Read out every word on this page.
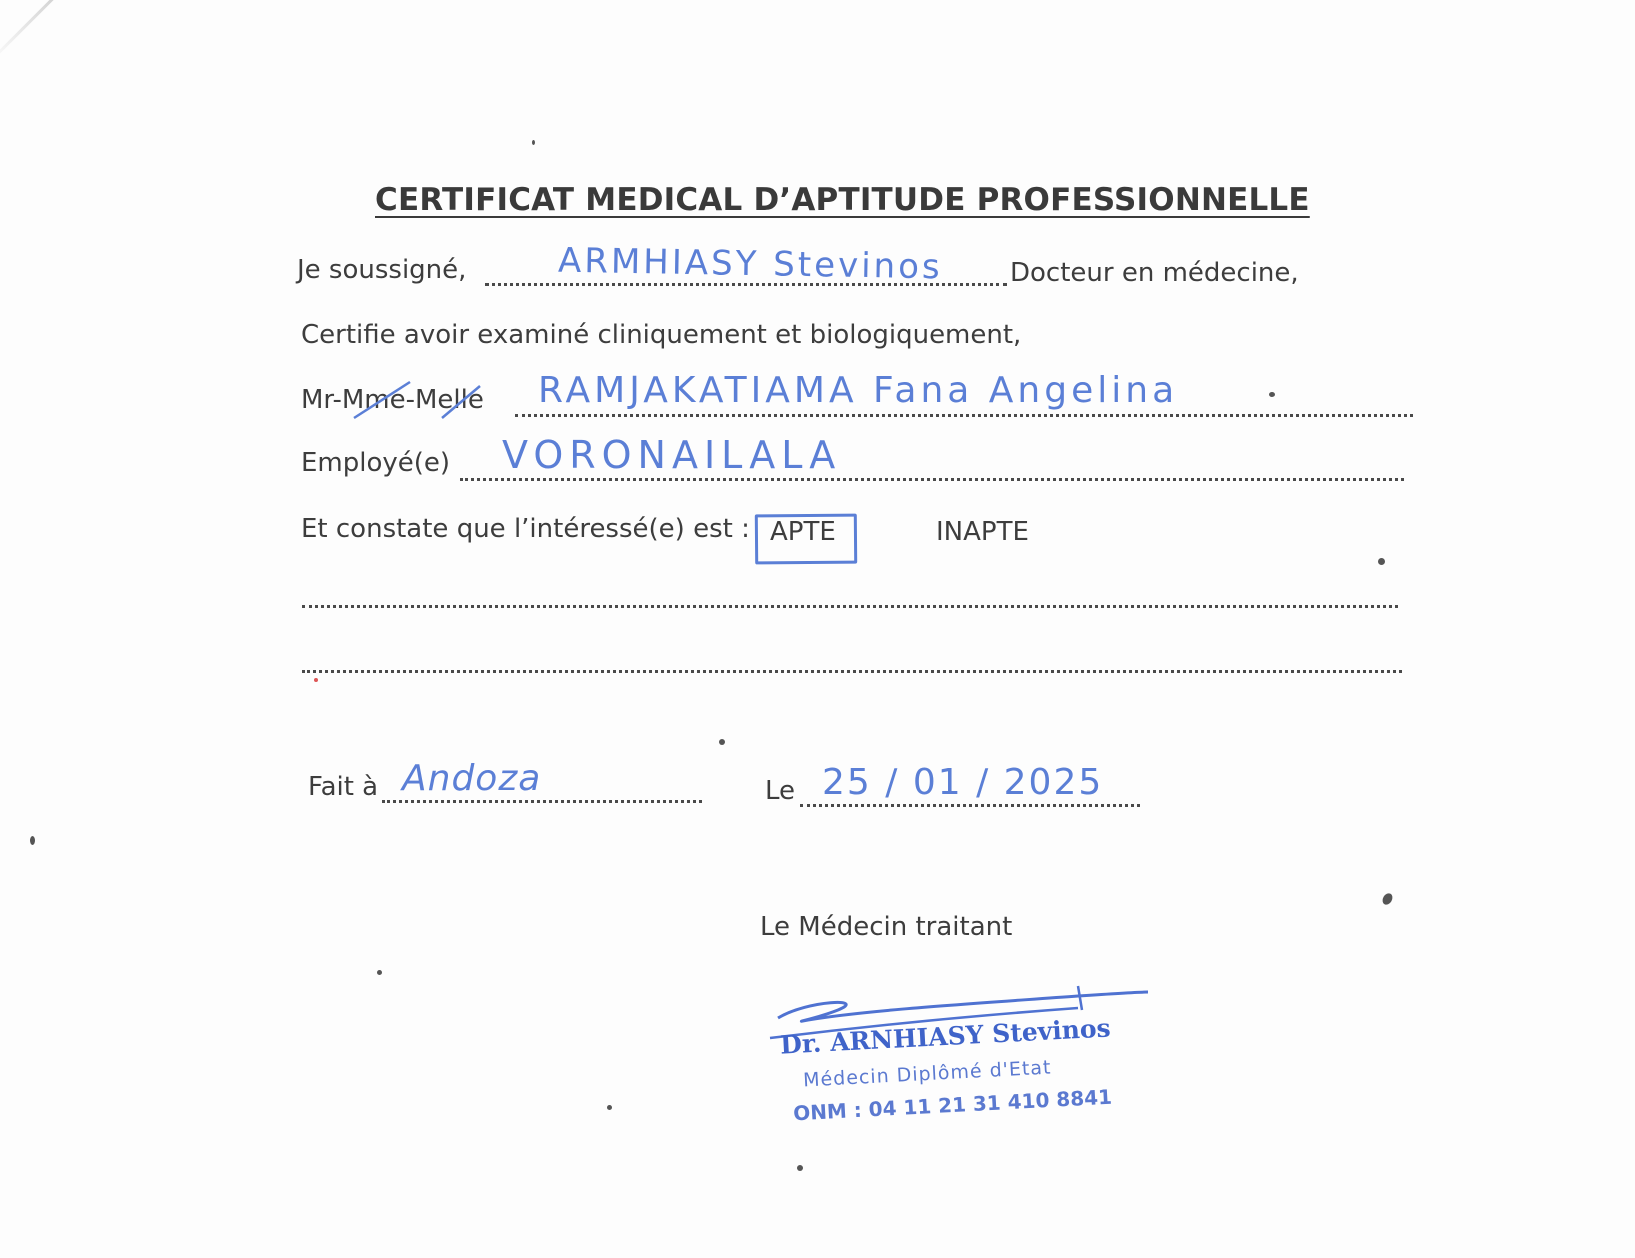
CERTIFICAT MEDICAL D’APTITUDE PROFESSIONNELLE
Je soussigné,	ARMHIASY Stevinos	Docteur en médecine,
Certifie avoir examiné cliniquement et biologiquement,
Mr-Mme-Melle RAMJAKATIAMA Fana Angelina
Employé(e) VORONAILALA
Et constate que l’intéressé(e) est : APTE	INAPTE
Fait à Andoza	Le 25 / 01 / 2025
Le Médecin traitant
Dr. ARNHIASY Stevinos
Médecin Diplômé d'Etat
ONM : 04 11 21 31 410 8841
